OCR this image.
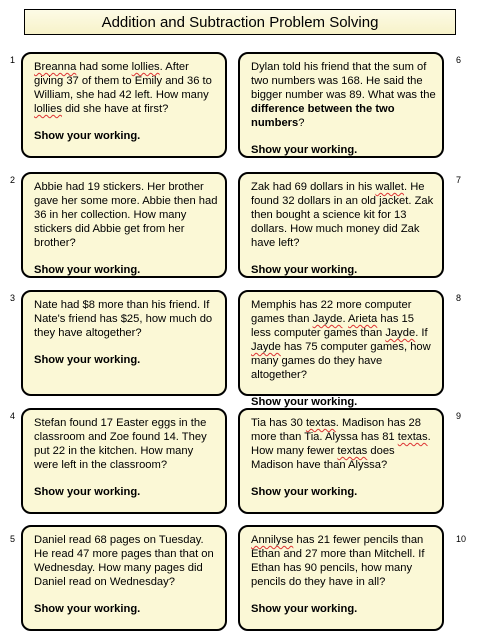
Addition and Subtraction Problem Solving
Breanna had some lollies. After giving 37 of them to Emily and 36 to William, she had 42 left. How many lollies did she have at first?
Show your working.
1
Abbie had 19 stickers. Her brother gave her some more. Abbie then had 36 in her collection. How many stickers did Abbie get from her brother?
Show your working.
2
Nate had $8 more than his friend. If Nate's friend has $25, how much do they have altogether?
Show your working.
3
Stefan found 17 Easter eggs in the classroom and Zoe found 14. They put 22 in the kitchen. How many were left in the classroom?
Show your working.
4
Daniel read 68 pages on Tuesday. He read 47 more pages than that on Wednesday. How many pages did Daniel read on Wednesday?
Show your working.
5
Dylan told his friend that the sum of two numbers was 168. He said the bigger number was 89. What was the difference between the two numbers?
Show your working.
6
Zak had 69 dollars in his wallet. He found 32 dollars in an old jacket. Zak then bought a science kit for 13 dollars. How much money did Zak have left?
Show your working.
7
Memphis has 22 more computer games than Jayde. Arieta has 15 less computer games than Jayde. If Jayde has 75 computer games, how many games do they have altogether?
Show your working.
8
Tia has 30 textas. Madison has 28 more than Tia. Alyssa has 81 textas. How many fewer textas does Madison have than Alyssa?
Show your working.
9
Annilyse has 21 fewer pencils than Ethan and 27 more than Mitchell. If Ethan has 90 pencils, how many pencils do they have in all?
Show your working.
10
